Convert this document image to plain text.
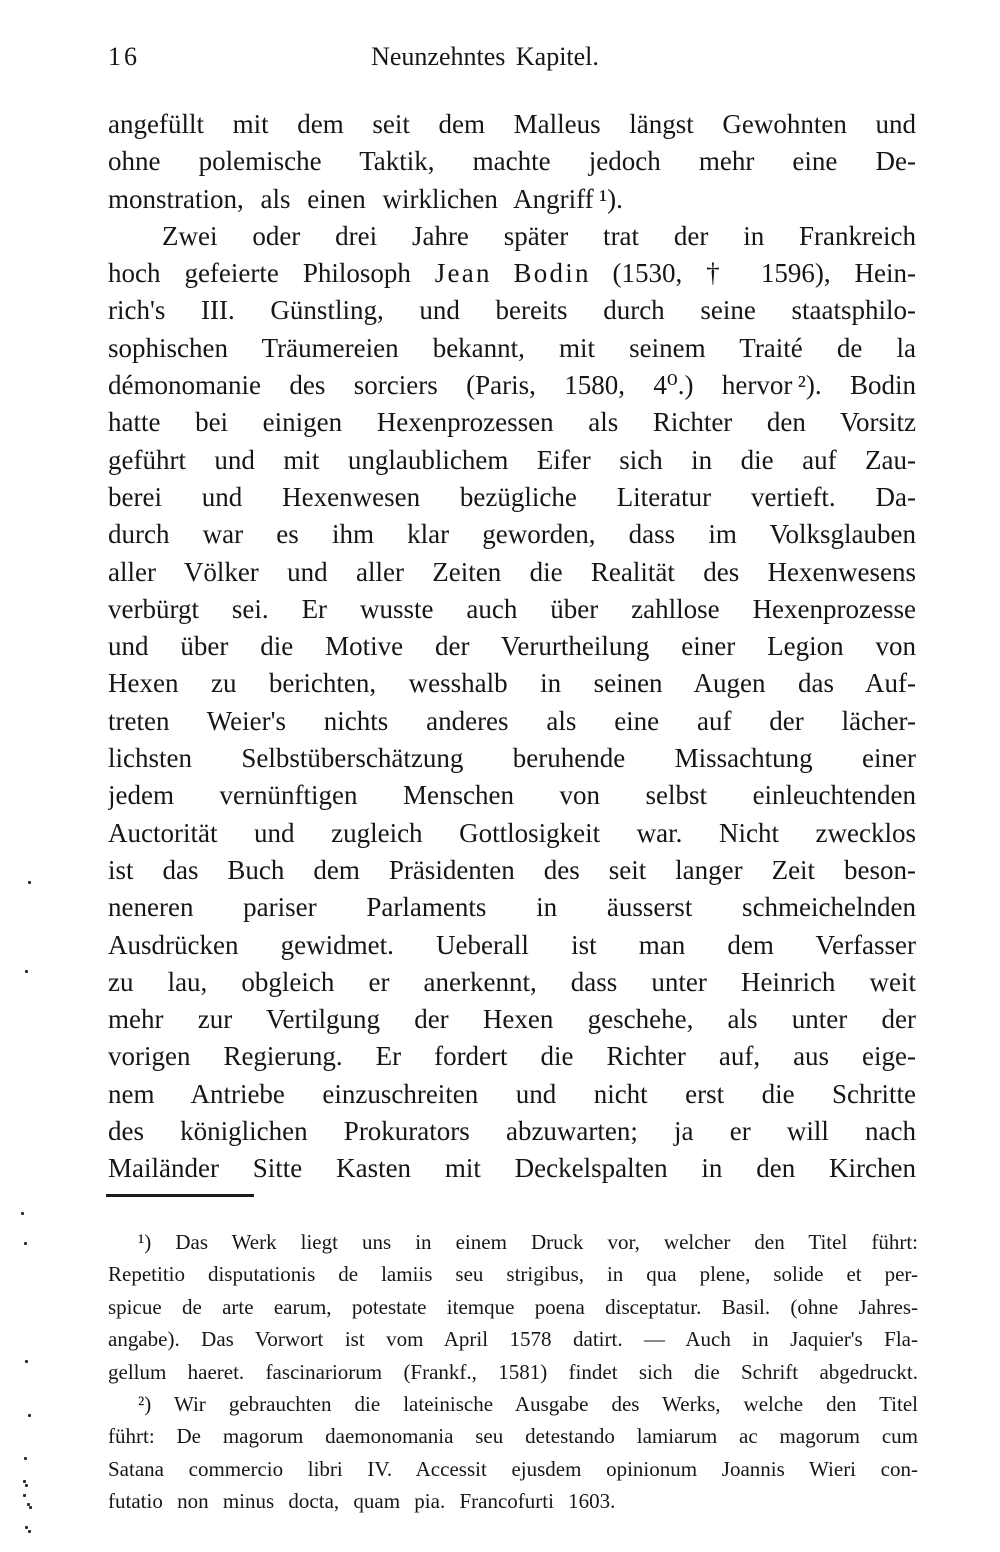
16	Neunzehntes Kapitel.
angefüllt mit dem seit dem Malleus längst Gewohnten und
ohne polemische Taktik, machte jedoch mehr eine De-
monstration, als einen wirklichen Angriff ¹).
Zwei oder drei Jahre später trat der in Frankreich
hoch gefeierte Philosoph J e a n B o d i n (1530, † 1596), Hein-
rich's III. Günstling, und bereits durch seine staatsphilo-
sophischen Träumereien bekannt, mit seinem Traité de la
démonomanie des sorciers (Paris, 1580, 4⁰.) hervor ²). Bodin
hatte bei einigen Hexenprozessen als Richter den Vorsitz
geführt und mit unglaublichem Eifer sich in die auf Zau-
berei und Hexenwesen bezügliche Literatur vertieft. Da-
durch war es ihm klar geworden, dass im Volksglauben
aller Völker und aller Zeiten die Realität des Hexenwesens
verbürgt sei. Er wusste auch über zahllose Hexenprozesse
und über die Motive der Verurtheilung einer Legion von
Hexen zu berichten, wesshalb in seinen Augen das Auf-
treten Weier's nichts anderes als eine auf der lächer-
lichsten Selbstüberschätzung beruhende Missachtung einer
jedem vernünftigen Menschen von selbst einleuchtenden
Auctorität und zugleich Gottlosigkeit war. Nicht zwecklos
ist das Buch dem Präsidenten des seit langer Zeit beson-
neneren pariser Parlaments in äusserst schmeichelnden
Ausdrücken gewidmet. Ueberall ist man dem Verfasser
zu lau, obgleich er anerkennt, dass unter Heinrich weit
mehr zur Vertilgung der Hexen geschehe, als unter der
vorigen Regierung. Er fordert die Richter auf, aus eige-
nem Antriebe einzuschreiten und nicht erst die Schritte
des königlichen Prokurators abzuwarten; ja er will nach
Mailänder Sitte Kasten mit Deckelspalten in den Kirchen
¹) Das Werk liegt uns in einem Druck vor, welcher den Titel führt:
Repetitio disputationis de lamiis seu strigibus, in qua plene, solide et per-
spicue de arte earum, potestate itemque poena disceptatur. Basil. (ohne Jahres-
angabe). Das Vorwort ist vom April 1578 datirt. — Auch in Jaquier's Fla-
gellum haeret. fascinariorum (Frankf., 1581) findet sich die Schrift abgedruckt.
²) Wir gebrauchten die lateinische Ausgabe des Werks, welche den Titel
führt: De magorum daemonomania seu detestando lamiarum ac magorum cum
Satana commercio libri IV. Accessit ejusdem opinionum Joannis Wieri con-
futatio non minus docta, quam pia. Francofurti 1603.
